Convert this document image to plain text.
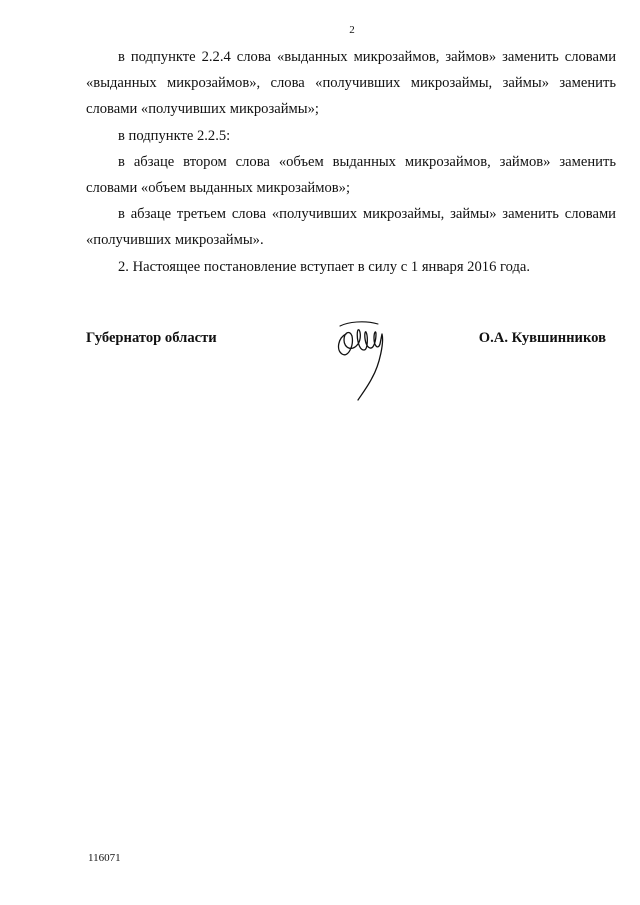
2

в подпункте 2.2.4 слова «выданных микрозаймов, займов» заменить словами «выданных микрозаймов», слова «получивших микрозаймы, займы» заменить словами «получивших микрозаймы»;

в подпункте 2.2.5:

в абзаце втором слова «объем выданных микрозаймов, займов» заменить словами «объем выданных микрозаймов»;

в абзаце третьем слова «получивших микрозаймы, займы» заменить словами «получивших микрозаймы».

2. Настоящее постановление вступает в силу с 1 января 2016 года.

Губернатор области	О.А. Кувшинников
116071
